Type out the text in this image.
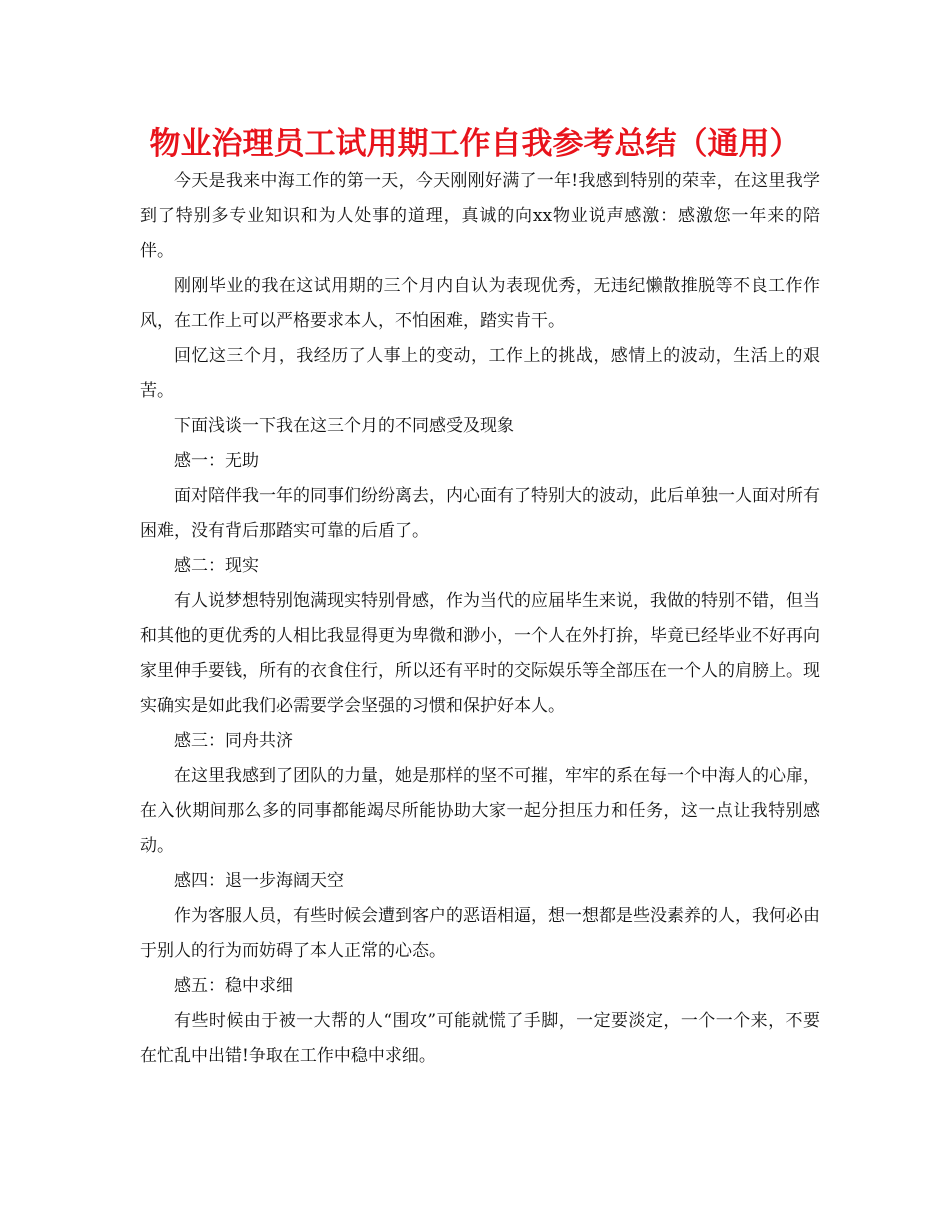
物业治理员工试用期工作自我参考总结（通用）

今天是我来中海工作的第一天，今天刚刚好满了一年!我感到特别的荣幸，在这里我学到了特别多专业知识和为人处事的道理，真诚的向xx物业说声感激：感激您一年来的陪伴。

刚刚毕业的我在这试用期的三个月内自认为表现优秀，无违纪懒散推脱等不良工作作风，在工作上可以严格要求本人，不怕困难，踏实肯干。

回忆这三个月，我经历了人事上的变动，工作上的挑战，感情上的波动，生活上的艰苦。

下面浅谈一下我在这三个月的不同感受及现象

感一：无助

面对陪伴我一年的同事们纷纷离去，内心面有了特别大的波动，此后单独一人面对所有困难，没有背后那踏实可靠的后盾了。

感二：现实

有人说梦想特别饱满现实特别骨感，作为当代的应届毕生来说，我做的特别不错，但当和其他的更优秀的人相比我显得更为卑微和渺小，一个人在外打拚，毕竟已经毕业不好再向家里伸手要钱，所有的衣食住行，所以还有平时的交际娱乐等全部压在一个人的肩膀上。现实确实是如此我们必需要学会坚强的习惯和保护好本人。

感三：同舟共济

在这里我感到了团队的力量，她是那样的坚不可摧，牢牢的系在每一个中海人的心扉，在入伙期间那么多的同事都能竭尽所能协助大家一起分担压力和任务，这一点让我特别感动。

感四：退一步海阔天空

作为客服人员，有些时候会遭到客户的恶语相逼，想一想都是些没素养的人，我何必由于别人的行为而妨碍了本人正常的心态。

感五：稳中求细

有些时候由于被一大帮的人“围攻”可能就慌了手脚，一定要淡定，一个一个来，不要在忙乱中出错!争取在工作中稳中求细。
